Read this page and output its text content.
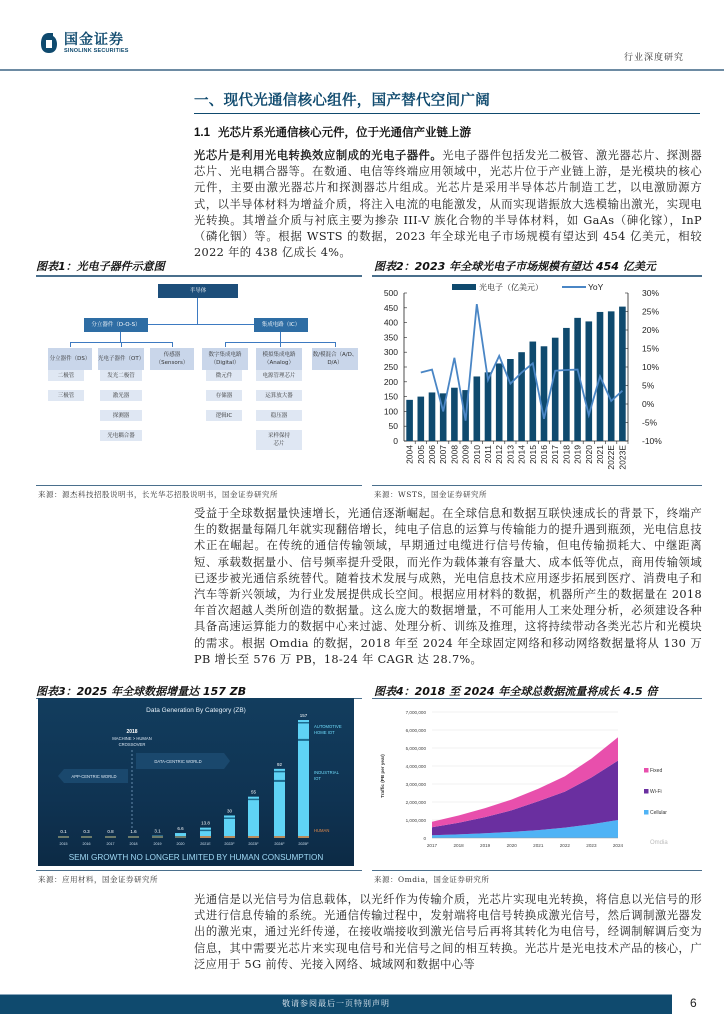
国金证券
SINOLINK SECURITIES
行业深度研究
一、现代光通信核心组件，国产替代空间广阔
1.1 光芯片系光通信核心元件，位于光通信产业链上游
光芯片是利用光电转换效应制成的光电子器件。光电子器件包括发光二极管、激光器芯片、探测器芯片、光电耦合器等。在数通、电信等终端应用领域中，光芯片位于产业链上游，是光模块的核心元件，主要由激光器芯片和探测器芯片组成。光芯片是采用半导体芯片制造工艺，以电激励源方式，以半导体材料为增益介质，将注入电流的电能激发，从而实现谐振放大选模输出激光，实现电光转换。其增益介质与衬底主要为掺杂 III-V 族化合物的半导体材料，如 GaAs（砷化镓），InP（磷化铟）等。根据 WSTS 的数据，2023 年全球光电子市场规模有望达到 454 亿美元，相较 2022 年的 438 亿成长 4%。
图表1：光电子器件示意图
半导体
分立器件（D-O-S）	集成电路（IC）
分立器件（DS） 光电子器件（OT）
传感器（Sensors）
数字集成电路（Digital）
模拟集成电路（Analog）
数/模混合（A/D、D/A）
二极管
三极管
发光二极管
激光器
探测器
光电耦合器
微元件
存储器
逻辑IC
电源管理芯片
运算放大器
稳压器
采样保持
芯片
来源：源杰科技招股说明书，长光华芯招股说明书，国金证券研究所
图表2：2023 年全球光电子市场规模有望达 454 亿美元
光电子（亿美元）	YoY
0
50
100
150
200
250
300
350
400
450
500
-10%
-5%
0%
5%
10%
15%
20%
25%
30%
2004 2005 2006 2007 2008 2009 2010 2011 2012 2013 2014 2015 2016 2017 2018 2019 2020 2021 2022E 2023E
来源：WSTS，国金证券研究所
受益于全球数据量快速增长，光通信逐渐崛起。在全球信息和数据互联快速成长的背景下，终端产生的数据量每隔几年就实现翻倍增长，纯电子信息的运算与传输能力的提升遇到瓶颈，光电信息技术正在崛起。在传统的通信传输领域，早期通过电缆进行信号传输，但电传输损耗大、中继距离短、承载数据量小、信号频率提升受限，而光作为载体兼有容量大、成本低等优点，商用传输领域已逐步被光通信系统替代。随着技术发展与成熟，光电信息技术应用逐步拓展到医疗、消费电子和汽车等新兴领域，为行业发展提供成长空间。根据应用材料的数据，机器所产生的数据量在 2018 年首次超越人类所创造的数据量。这么庞大的数据增量，不可能用人工来处理分析，必须建设各种具备高速运算能力的数据中心来过滤、处理分析、训练及推理，这将持续带动各类光芯片和光模块的需求。根据 Omdia 的数据，2018 年至 2024 年全球固定网络和移动网络数据量将从 130 万 PB 增长至 576 万 PB，18-24 年 CAGR 达 28.7%。
图表3：2025 年全球数据增量达 157 ZB
Data Generation By Category (ZB)
2018
MACHINE > HUMAN
CROSSOVER
APP-CENTRIC WORLD
DATA-CENTRIC WORLD
0.1
2015
0.3
2016
0.8
2017
1.6
2018
3.1
2019
6.6
2020
13.8
2021E
30
2022F
55
2023F
92
2024F
157
2025F
AUTOMOTIVE
HOME IOT
INDUSTRIAL
IOT
HUMAN
SEMI GROWTH NO LONGER LIMITED BY HUMAN CONSUMPTION
来源：应用材料，国金证券研究所
图表4：2018 至 2024 年全球总数据流量将成长 4.5 倍
0
1,000,000
2,000,000
3,000,000
4,000,000
5,000,000
6,000,000
7,000,000
Traffic (PB per year)
2017	2018	2019	2020	2021	2022	2023	2024
Fixed
Wi-Fi
Cellular
Omdia
来源：Omdia，国金证券研究所
光通信是以光信号为信息载体，以光纤作为传输介质，光芯片实现电光转换，将信息以光信号的形式进行信息传输的系统。光通信传输过程中，发射端将电信号转换成激光信号，然后调制激光器发出的激光束，通过光纤传递，在接收端接收到激光信号后再将其转化为电信号，经调制解调后变为信息，其中需要光芯片来实现电信号和光信号之间的相互转换。光芯片是光电技术产品的核心，广泛应用于 5G 前传、光接入网络、城域网和数据中心等
敬请参阅最后一页特别声明	6
